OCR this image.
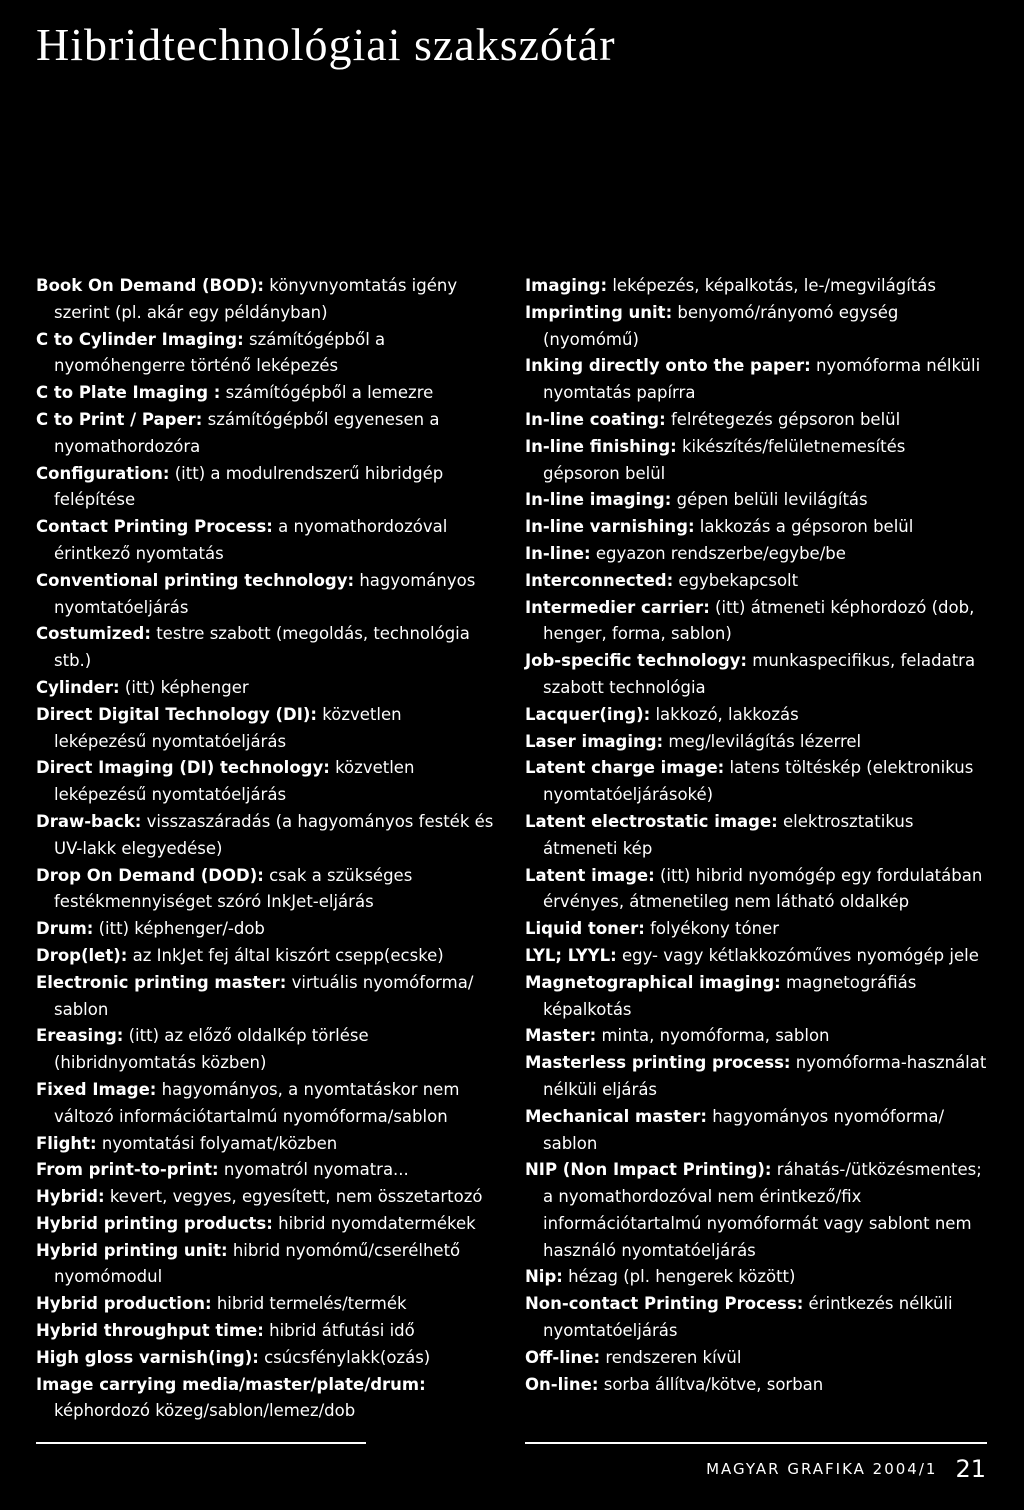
Hibridtechnológiai szakszótár
Book On Demand (BOD): könyvnyomtatás igény szerint (pl. akár egy példányban)
C to Cylinder Imaging: számítógépből a nyomóhengerre történő leképezés
C to Plate Imaging : számítógépből a lemezre
C to Print / Paper: számítógépből egyenesen a nyomathordozóra
Configuration: (itt) a modulrendszerű hibridgép felépítése
Contact Printing Process: a nyomathordozóval érintkező nyomtatás
Conventional printing technology: hagyományos nyomtatóeljárás
Costumized: testre szabott (megoldás, technológia stb.)
Cylinder: (itt) képhenger
Direct Digital Technology (DI): közvetlen leképezésű nyomtatóeljárás
Direct Imaging (DI) technology: közvetlen leképezésű nyomtatóeljárás
Draw-back: visszaszáradás (a hagyományos festék és UV-lakk elegyedése)
Drop On Demand (DOD): csak a szükséges festékmennyiséget szóró InkJet-eljárás
Drum: (itt) képhenger/-dob
Drop(let): az InkJet fej által kiszórt csepp(ecske)
Electronic printing master: virtuális nyomóforma/ sablon
Ereasing: (itt) az előző oldalkép törlése (hibridnyomtatás közben)
Fixed Image: hagyományos, a nyomtatáskor nem változó információtartalmú nyomóforma/sablon
Flight: nyomtatási folyamat/közben
From print-to-print: nyomatról nyomatra...
Hybrid: kevert, vegyes, egyesített, nem összetartozó
Hybrid printing products: hibrid nyomdatermékek
Hybrid printing unit: hibrid nyomómű/cserélhető nyomómodul
Hybrid production: hibrid termelés/termék
Hybrid throughput time: hibrid átfutási idő
High gloss varnish(ing): csúcsfénylakk(ozás)
Image carrying media/master/plate/drum: képhordozó közeg/sablon/lemez/dob
Imaging: leképezés, képalkotás, le-/megvilágítás
Imprinting unit: benyomó/rányomó egység (nyomómű)
Inking directly onto the paper: nyomóforma nélküli nyomtatás papírra
In-line coating: felrétegezés gépsoron belül
In-line finishing: kikészítés/felületnemesítés gépsoron belül
In-line imaging: gépen belüli levilágítás
In-line varnishing: lakkozás a gépsoron belül
In-line: egyazon rendszerbe/egybe/be
Interconnected: egybekapcsolt
Intermedier carrier: (itt) átmeneti képhordozó (dob, henger, forma, sablon)
Job-specific technology: munkaspecifikus, feladatra szabott technológia
Lacquer(ing): lakkozó, lakkozás
Laser imaging: meg/levilágítás lézerrel
Latent charge image: latens töltéskép (elektronikus nyomtatóeljárásoké)
Latent electrostatic image: elektrosztatikus átmeneti kép
Latent image: (itt) hibrid nyomógép egy fordulatában érvényes, átmenetileg nem látható oldalkép
Liquid toner: folyékony tóner
LYL; LYYL: egy- vagy kétlakkozóműves nyomógép jele
Magnetographical imaging: magnetográfiás képalkotás
Master: minta, nyomóforma, sablon
Masterless printing process: nyomóforma-használat nélküli eljárás
Mechanical master: hagyományos nyomóforma/ sablon
NIP (Non Impact Printing): ráhatás-/ütközésmentes; a nyomathordozóval nem érintkező/fix információtartalmú nyomóformát vagy sablont nem használó nyomtatóeljárás
Nip: hézag (pl. hengerek között)
Non-contact Printing Process: érintkezés nélküli nyomtatóeljárás
Off-line: rendszeren kívül
On-line: sorba állítva/kötve, sorban
MAGYAR GRAFIKA 2004/1 21
